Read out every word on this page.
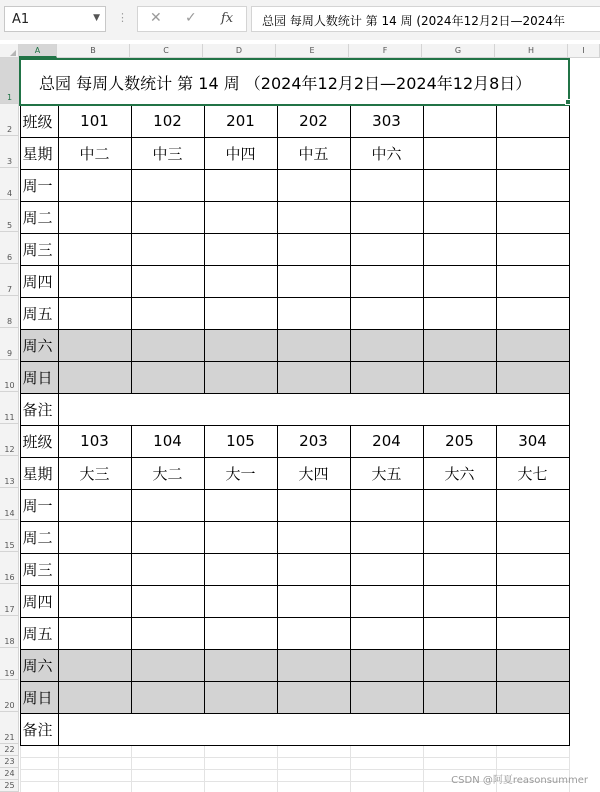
A1	▼ ⋮ ✕ ✓ fx	总园 每周人数统计 第 14 周 (2024年12月2日—2024年
A	B	C	D	E	F	G	H	I
1
2
3
4
5
6
7
8
9
10
11
12
13
14
15
16
17
18
19
20
21
22
23
24
25
总园 每周人数统计 第 14 周 （2024年12月2日—2024年12月8日）							
班级	101	102	201	202	303		
星期	中二	中三	中四	中五	中六		
周一							
周二							
周三							
周四							
周五							
周六							
周日							
备注							
班级	103	104	105	203	204	205	304
星期	大三	大二	大一	大四	大五	大六	大七
周一							
周二							
周三							
周四							
周五							
周六							
周日							
备注							

CSDN @阿夏reasonsummer
